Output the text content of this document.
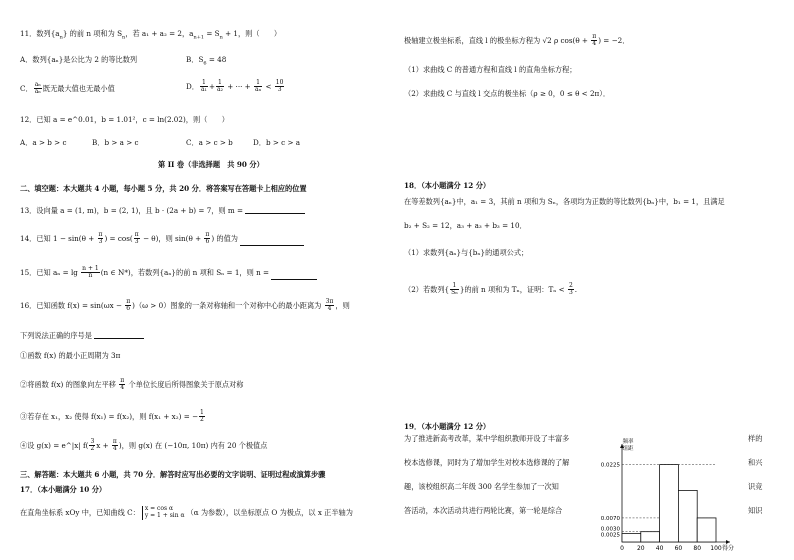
11．数列$\{a_n\}$ 的前 n 项和为 $S_n$，若 a₁ + a₂ = 2，$a_{n+1} = S_n + 1$，则（　　）
A．数列{aₙ}是公比为 2 的等比数列	B．$S_6 = 48$
C． $\frac{\text{aₙ}}{\text{aₙ}}$ 既无最大值也无最小值	D． $\frac{1}{\text{a₁}} + \frac{1}{\text{a₂}}$ + ··· + $\frac{1}{\text{aₙ}} < \frac{10}{3}$
12．已知 a = e^0.01，b = 1.01²，c = ln(2.02)，则（　　）
A．a > b > c	B．b > a > c	C．a > c > b	D．b > c > a
第 II 卷（非选择题　共 90 分）
二、填空题：本大题共 4 小题，每小题 5 分，共 20 分．将答案写在答题卡上相应的位置
13．设向量 a = (1, m)，b = (2, 1)，且 b · (2a + b) = 7，则 m =
14．已知 $1 - \sin(\theta + \frac{\pi}{3}$ ) = $\cos( \frac{\pi}{3} - \theta)$，则 $\sin(\theta + \frac{\pi}{6}$ ) 的值为
15．已知 $a_n = \lg \frac{n + 1}{n} (n$ ∈ N*)，若数列{aₙ}的前 n 项和 Sₙ = 1，则 n =
16．已知函数 $f(x) = \sin(\omega x - \frac{\pi}{6} )(\omega > 0)$图象的一条对称轴和一个对称中心的最小距离为 $\frac{3\pi}{4}$ ，则
下列说法正确的序号是
①函数 f(x) 的最小正周期为 3π
②将函数 f(x) 的图象向左平移 $\frac{\pi}{4}$ 个单位长度后所得图象关于原点对称
③若存在 x₁，x₂ 使得 f(x₁) = f(x₂)，则 f(x₁ + x₂) = − $\frac{1}{2}$
④设 g(x) = e^|x| $f( \frac{3}{2}$ $x + \frac{\pi}{4}$ )，则 g(x) 在 (−10π, 10π) 内有 20 个极值点
三、解答题：本大题共 6 小题，共 70 分．解答时应写出必要的文字说明、证明过程或演算步骤
17．（本小题满分 10 分）
在直角坐标系 xOy 中，已知曲线 C： x = cos α
y = 1 + sin α （α 为参数），以坐标原点 O 为极点，以 x 正半轴为
极轴建立极坐标系，直线 l 的极坐标方程为 √2 ρ $\cos(\theta + \frac{\pi}{4}$ ) = −2．
（1）求曲线 C 的普通方程和直线 l 的直角坐标方程；
（2）求曲线 C 与直线 l 交点的极坐标（ρ ≥ 0，0 ≤ θ < 2π）．
18．（本小题满分 12 分）
在等差数列{aₙ}中，a₁ = 3，其前 n 项和为 Sₙ，各项均为正数的等比数列{bₙ}中，b₁ = 1，且满足
b₂ + S₂ = 12，a₃ + a₃ + b₃ = 10．
（1）求数列{aₙ}与{bₙ}的通项公式；
（2）若数列{ $\frac{1}{\text{Sₙ}}$ }的前 n 项和为 Tₙ，证明：$T_n < \frac{2}{3}$ .
19．（本小题满分 12 分）
为了推进新高考改革，某中学组织教师开设了丰富多	样的
校本选修课，同时为了增加学生对校本选修课的了解	和兴
趣，该校组织高二年级 300 名学生参加了一次知	识竞
答活动，本次活动共进行两轮比赛，第一轮是综合	知识
0.0025
0.0030
0.0070
0.0225
0 20 40 60 80 100 得分
频率
组距
